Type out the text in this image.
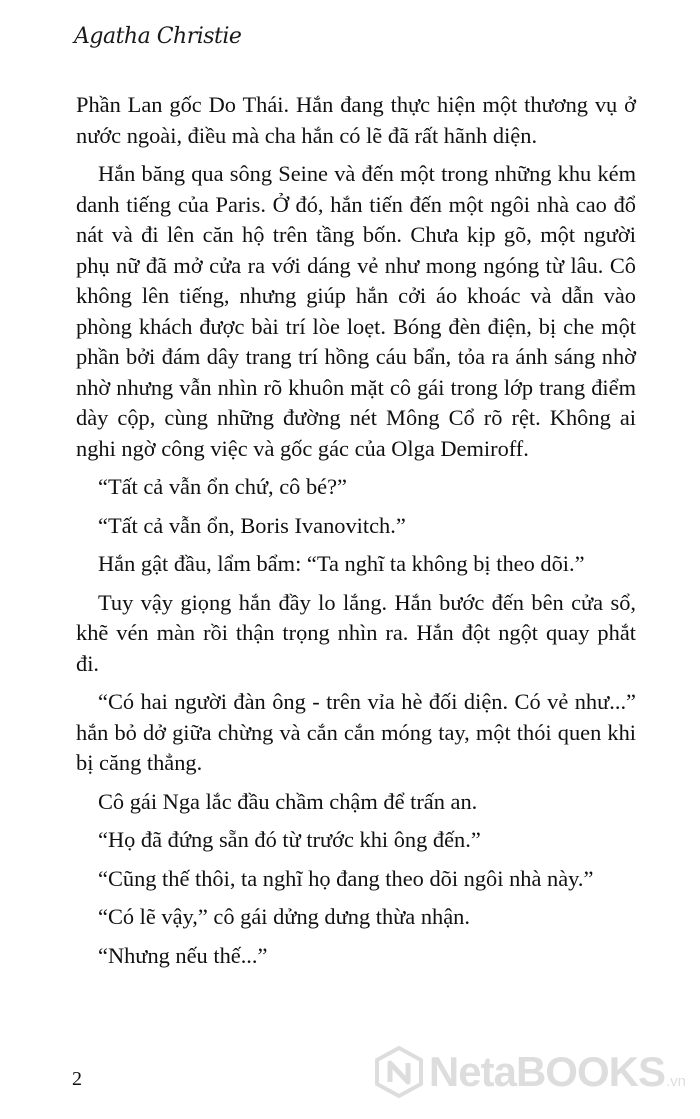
Agatha Christie

Phần Lan gốc Do Thái. Hắn đang thực hiện một thương vụ ở nước ngoài, điều mà cha hắn có lẽ đã rất hãnh diện.

Hắn băng qua sông Seine và đến một trong những khu kém danh tiếng của Paris. Ở đó, hắn tiến đến một ngôi nhà cao đổ nát và đi lên căn hộ trên tầng bốn. Chưa kịp gõ, một người phụ nữ đã mở cửa ra với dáng vẻ như mong ngóng từ lâu. Cô không lên tiếng, nhưng giúp hắn cởi áo khoác và dẫn vào phòng khách được bài trí lòe loẹt. Bóng đèn điện, bị che một phần bởi đám dây trang trí hồng cáu bẩn, tỏa ra ánh sáng nhờ nhờ nhưng vẫn nhìn rõ khuôn mặt cô gái trong lớp trang điểm dày cộp, cùng những đường nét Mông Cổ rõ rệt. Không ai nghi ngờ công việc và gốc gác của Olga Demiroff.

“Tất cả vẫn ổn chứ, cô bé?”

“Tất cả vẫn ổn, Boris Ivanovitch.”

Hắn gật đầu, lẩm bẩm: “Ta nghĩ ta không bị theo dõi.”

Tuy vậy giọng hắn đầy lo lắng. Hắn bước đến bên cửa sổ, khẽ vén màn rồi thận trọng nhìn ra. Hắn đột ngột quay phắt đi.

“Có hai người đàn ông - trên vỉa hè đối diện. Có vẻ như...” hắn bỏ dở giữa chừng và cắn cắn móng tay, một thói quen khi bị căng thẳng.

Cô gái Nga lắc đầu chầm chậm để trấn an.

“Họ đã đứng sẵn đó từ trước khi ông đến.”

“Cũng thế thôi, ta nghĩ họ đang theo dõi ngôi nhà này.”

“Có lẽ vậy,” cô gái dửng dưng thừa nhận.

“Nhưng nếu thế...”

2	NetaBOOKS .vn
